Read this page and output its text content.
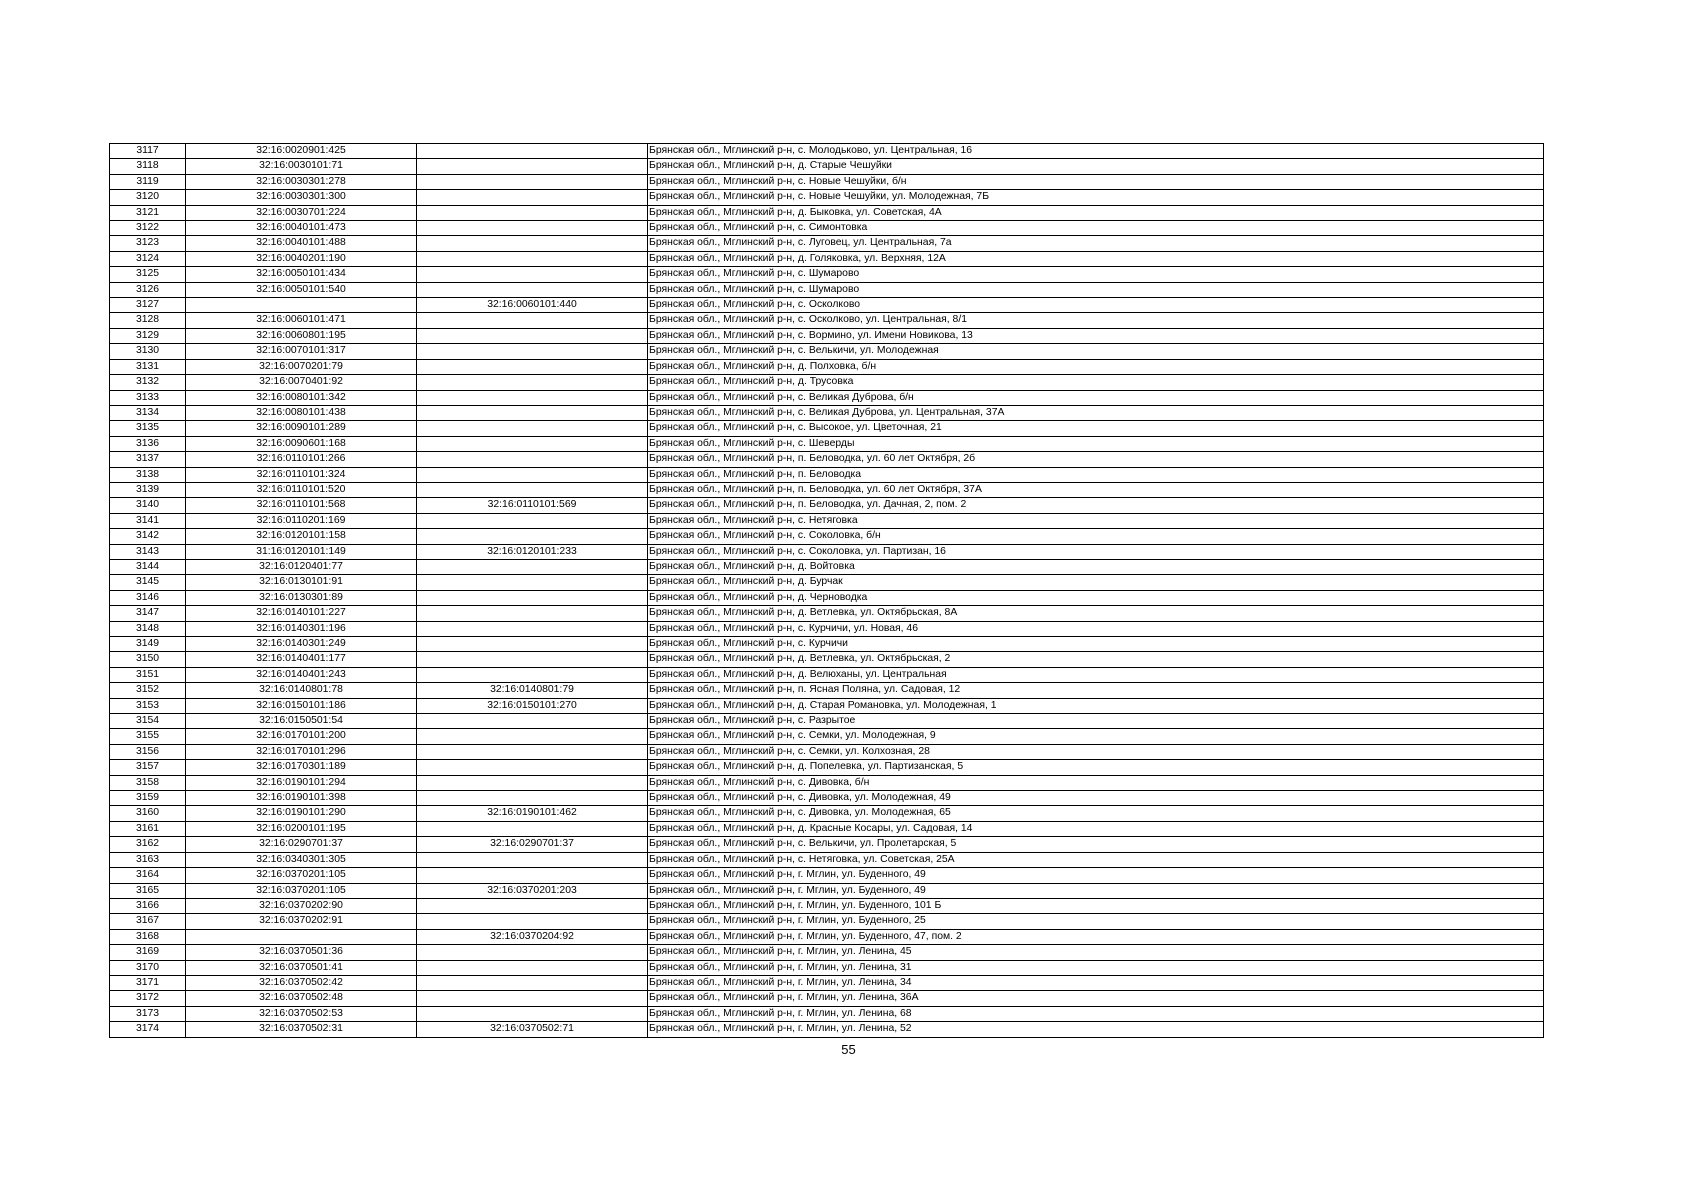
3117	32:16:0020901:425		Брянская обл., Мглинский р-н, с. Молодьково, ул. Центральная, 16
3118	32:16:0030101:71		Брянская обл., Мглинский р-н, д. Старые Чешуйки
3119	32:16:0030301:278		Брянская обл., Мглинский р-н, с. Новые Чешуйки, б/н
3120	32:16:0030301:300		Брянская обл., Мглинский р-н, с. Новые Чешуйки, ул. Молодежная, 7Б
3121	32:16:0030701:224		Брянская обл., Мглинский р-н, д. Быковка, ул. Советская, 4А
3122	32:16:0040101:473		Брянская обл., Мглинский р-н, с. Симонтовка
3123	32:16:0040101:488		Брянская обл., Мглинский р-н, с. Луговец, ул. Центральная, 7а
3124	32:16:0040201:190		Брянская обл., Мглинский р-н, д. Голяковка, ул. Верхняя, 12А
3125	32:16:0050101:434		Брянская обл., Мглинский р-н, с. Шумарово
3126	32:16:0050101:540		Брянская обл., Мглинский р-н, с. Шумарово
3127		32:16:0060101:440	Брянская обл., Мглинский р-н, с. Осколково
3128	32:16:0060101:471		Брянская обл., Мглинский р-н, с. Осколково, ул. Центральная, 8/1
3129	32:16:0060801:195		Брянская обл., Мглинский р-н, с. Вормино, ул. Имени Новикова, 13
3130	32:16:0070101:317		Брянская обл., Мглинский р-н, с. Велькичи, ул. Молодежная
3131	32:16:0070201:79		Брянская обл., Мглинский р-н, д. Полховка, б/н
3132	32:16:0070401:92		Брянская обл., Мглинский р-н, д. Трусовка
3133	32:16:0080101:342		Брянская обл., Мглинский р-н, с. Великая Дуброва, б/н
3134	32:16:0080101:438		Брянская обл., Мглинский р-н, с. Великая Дуброва, ул. Центральная, 37А
3135	32:16:0090101:289		Брянская обл., Мглинский р-н, с. Высокое, ул. Цветочная, 21
3136	32:16:0090601:168		Брянская обл., Мглинский р-н, с. Шеверды
3137	32:16:0110101:266		Брянская обл., Мглинский р-н, п. Беловодка, ул. 60 лет Октября, 2б
3138	32:16:0110101:324		Брянская обл., Мглинский р-н, п. Беловодка
3139	32:16:0110101:520		Брянская обл., Мглинский р-н, п. Беловодка, ул. 60 лет Октября, 37А
3140	32:16:0110101:568	32:16:0110101:569	Брянская обл., Мглинский р-н, п. Беловодка, ул. Дачная, 2, пом. 2
3141	32:16:0110201:169		Брянская обл., Мглинский р-н, с. Нетяговка
3142	32:16:0120101:158		Брянская обл., Мглинский р-н, с. Соколовка, б/н
3143	31:16:0120101:149	32:16:0120101:233	Брянская обл., Мглинский р-н, с. Соколовка, ул. Партизан, 16
3144	32:16:0120401:77		Брянская обл., Мглинский р-н, д. Войтовка
3145	32:16:0130101:91		Брянская обл., Мглинский р-н, д. Бурчак
3146	32:16:0130301:89		Брянская обл., Мглинский р-н, д. Черноводка
3147	32:16:0140101:227		Брянская обл., Мглинский р-н, д. Ветлевка, ул. Октябрьская, 8А
3148	32:16:0140301:196		Брянская обл., Мглинский р-н, с. Курчичи, ул. Новая, 46
3149	32:16:0140301:249		Брянская обл., Мглинский р-н, с. Курчичи
3150	32:16:0140401:177		Брянская обл., Мглинский р-н, д. Ветлевка, ул. Октябрьская, 2
3151	32:16:0140401:243		Брянская обл., Мглинский р-н, д. Велюханы, ул. Центральная
3152	32:16:0140801:78	32:16:0140801:79	Брянская обл., Мглинский р-н, п. Ясная Поляна, ул. Садовая, 12
3153	32:16:0150101:186	32:16:0150101:270	Брянская обл., Мглинский р-н, д. Старая Романовка, ул. Молодежная, 1
3154	32:16:0150501:54		Брянская обл., Мглинский р-н, с. Разрытое
3155	32:16:0170101:200		Брянская обл., Мглинский р-н, с. Семки, ул. Молодежная, 9
3156	32:16:0170101:296		Брянская обл., Мглинский р-н, с. Семки, ул. Колхозная, 28
3157	32:16:0170301:189		Брянская обл., Мглинский р-н, д. Попелевка, ул. Партизанская, 5
3158	32:16:0190101:294		Брянская обл., Мглинский р-н, с. Дивовка, б/н
3159	32:16:0190101:398		Брянская обл., Мглинский р-н, с. Дивовка, ул. Молодежная, 49
3160	32:16:0190101:290	32:16:0190101:462	Брянская обл., Мглинский р-н, с. Дивовка, ул. Молодежная, 65
3161	32:16:0200101:195		Брянская обл., Мглинский р-н, д. Красные Косары, ул. Садовая, 14
3162	32:16:0290701:37	32:16:0290701:37	Брянская обл., Мглинский р-н, с. Велькичи, ул. Пролетарская, 5
3163	32:16:0340301:305		Брянская обл., Мглинский р-н, с. Нетяговка, ул. Советская, 25А
3164	32:16:0370201:105		Брянская обл., Мглинский р-н, г. Мглин, ул. Буденного, 49
3165	32:16:0370201:105	32:16:0370201:203	Брянская обл., Мглинский р-н, г. Мглин, ул. Буденного, 49
3166	32:16:0370202:90		Брянская обл., Мглинский р-н, г. Мглин, ул. Буденного, 101 Б
3167	32:16:0370202:91		Брянская обл., Мглинский р-н, г. Мглин, ул. Буденного, 25
3168		32:16:0370204:92	Брянская обл., Мглинский р-н, г. Мглин, ул. Буденного, 47, пом. 2
3169	32:16:0370501:36		Брянская обл., Мглинский р-н, г. Мглин, ул. Ленина, 45
3170	32:16:0370501:41		Брянская обл., Мглинский р-н, г. Мглин, ул. Ленина, 31
3171	32:16:0370502:42		Брянская обл., Мглинский р-н, г. Мглин, ул. Ленина, 34
3172	32:16:0370502:48		Брянская обл., Мглинский р-н, г. Мглин, ул. Ленина, 36А
3173	32:16:0370502:53		Брянская обл., Мглинский р-н, г. Мглин, ул. Ленина, 68
3174	32:16:0370502:31	32:16:0370502:71	Брянская обл., Мглинский р-н, г. Мглин, ул. Ленина, 52
55
